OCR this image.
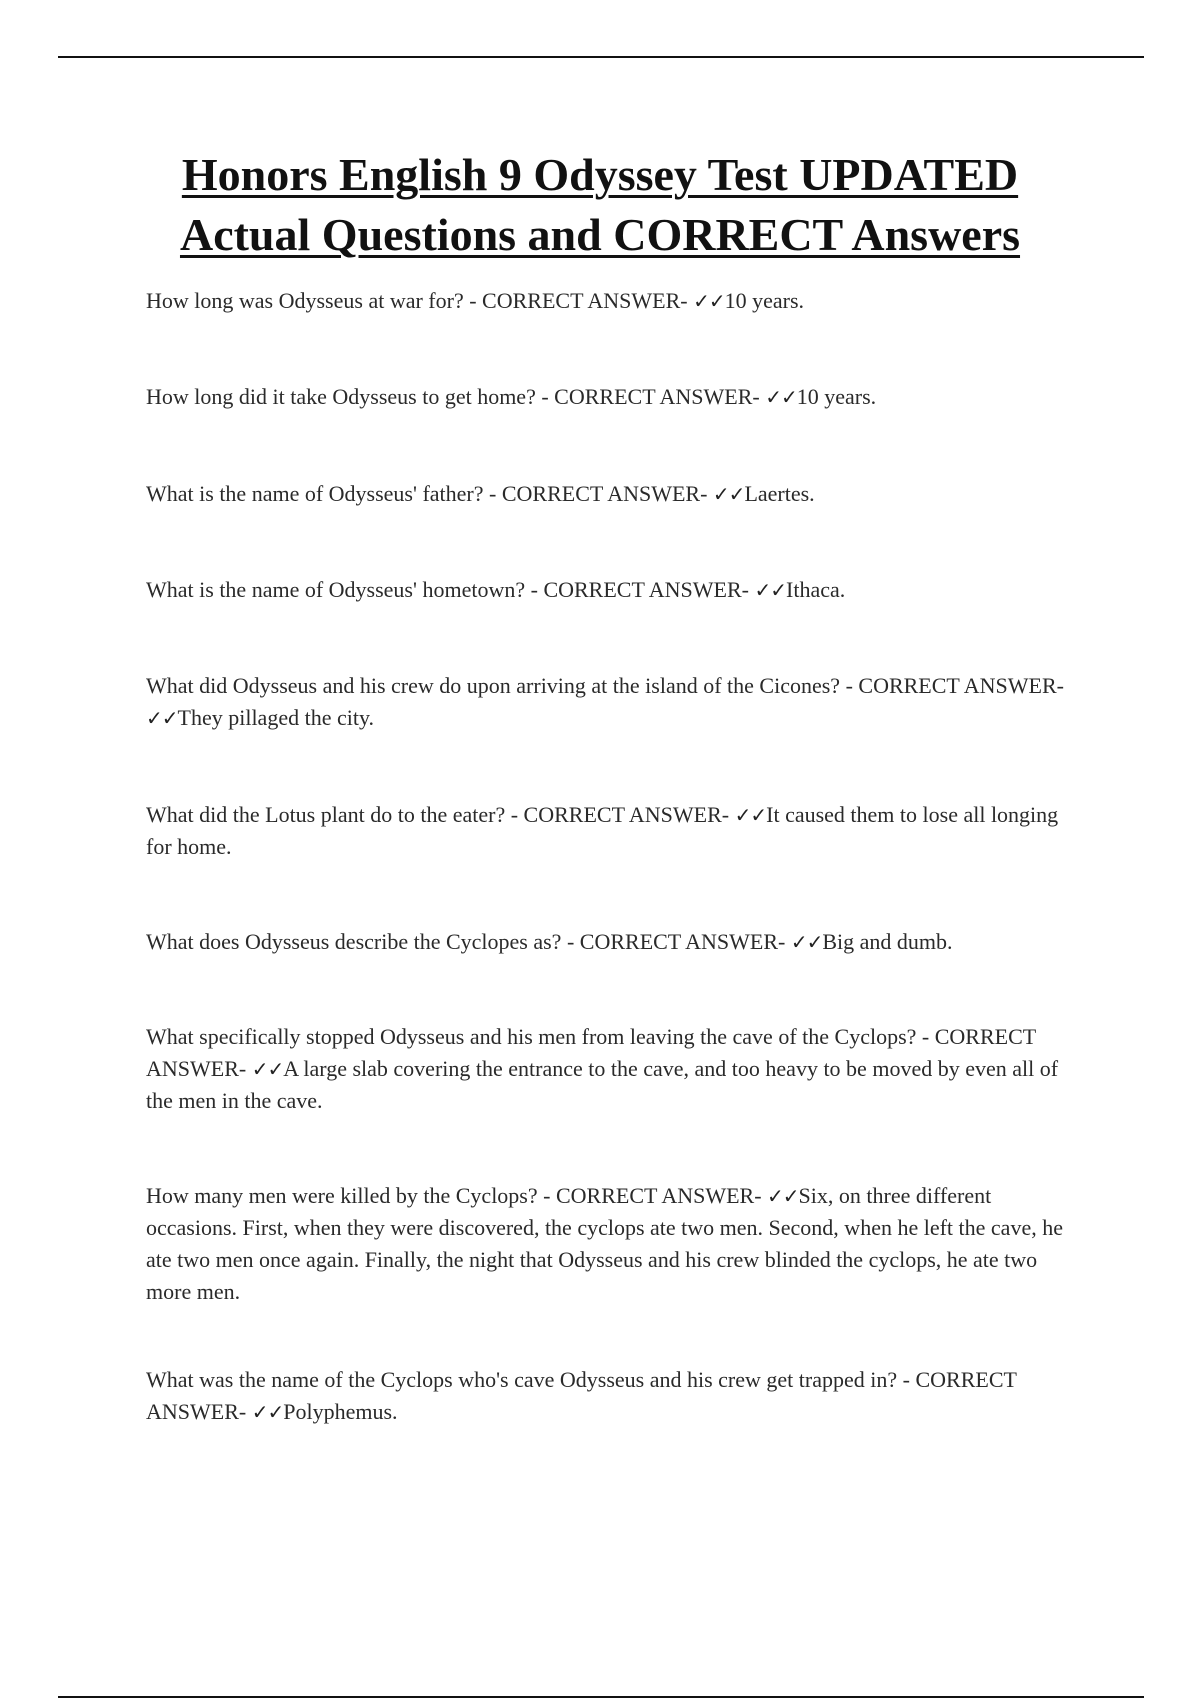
Honors English 9 Odyssey Test UPDATED
Actual Questions and CORRECT Answers
How long was Odysseus at war for? - CORRECT ANSWER- ✓✓10 years.
How long did it take Odysseus to get home? - CORRECT ANSWER- ✓✓10 years.
What is the name of Odysseus' father? - CORRECT ANSWER- ✓✓Laertes.
What is the name of Odysseus' hometown? - CORRECT ANSWER- ✓✓Ithaca.
What did Odysseus and his crew do upon arriving at the island of the Cicones? - CORRECT ANSWER- ✓✓They pillaged the city.
What did the Lotus plant do to the eater? - CORRECT ANSWER- ✓✓It caused them to lose all longing for home.
What does Odysseus describe the Cyclopes as? - CORRECT ANSWER- ✓✓Big and dumb.
What specifically stopped Odysseus and his men from leaving the cave of the Cyclops? - CORRECT ANSWER- ✓✓A large slab covering the entrance to the cave, and too heavy to be moved by even all of the men in the cave.
How many men were killed by the Cyclops? - CORRECT ANSWER- ✓✓Six, on three different occasions. First, when they were discovered, the cyclops ate two men. Second, when he left the cave, he ate two men once again. Finally, the night that Odysseus and his crew blinded the cyclops, he ate two more men.
What was the name of the Cyclops who's cave Odysseus and his crew get trapped in? - CORRECT ANSWER- ✓✓Polyphemus.
